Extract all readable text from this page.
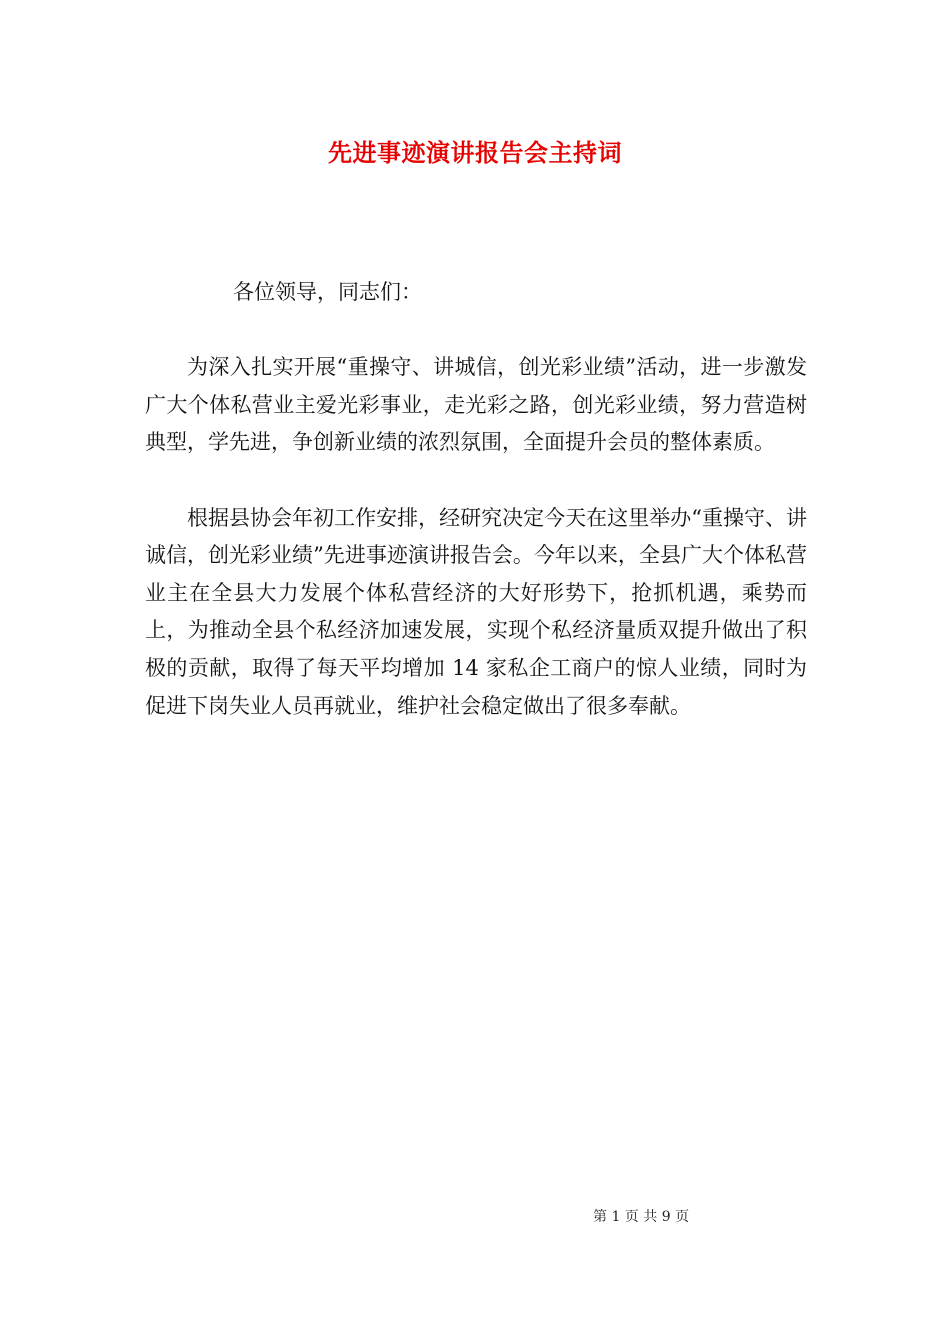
先进事迹演讲报告会主持词

各位领导，同志们：

为深入扎实开展“重操守、讲城信，创光彩业绩”活动，进一步激发广大个体私营业主爱光彩事业，走光彩之路，创光彩业绩，努力营造树典型，学先进，争创新业绩的浓烈氛围，全面提升会员的整体素质。

根据县协会年初工作安排，经研究决定今天在这里举办“重操守、讲诚信，创光彩业绩”先进事迹演讲报告会。今年以来，全县广大个体私营业主在全县大力发展个体私营经济的大好形势下，抢抓机遇，乘势而上，为推动全县个私经济加速发展，实现个私经济量质双提升做出了积极的贡献，取得了每天平均增加 14 家私企工商户的惊人业绩，同时为促进下岗失业人员再就业，维护社会稳定做出了很多奉献。

第 1 页 共 9 页
